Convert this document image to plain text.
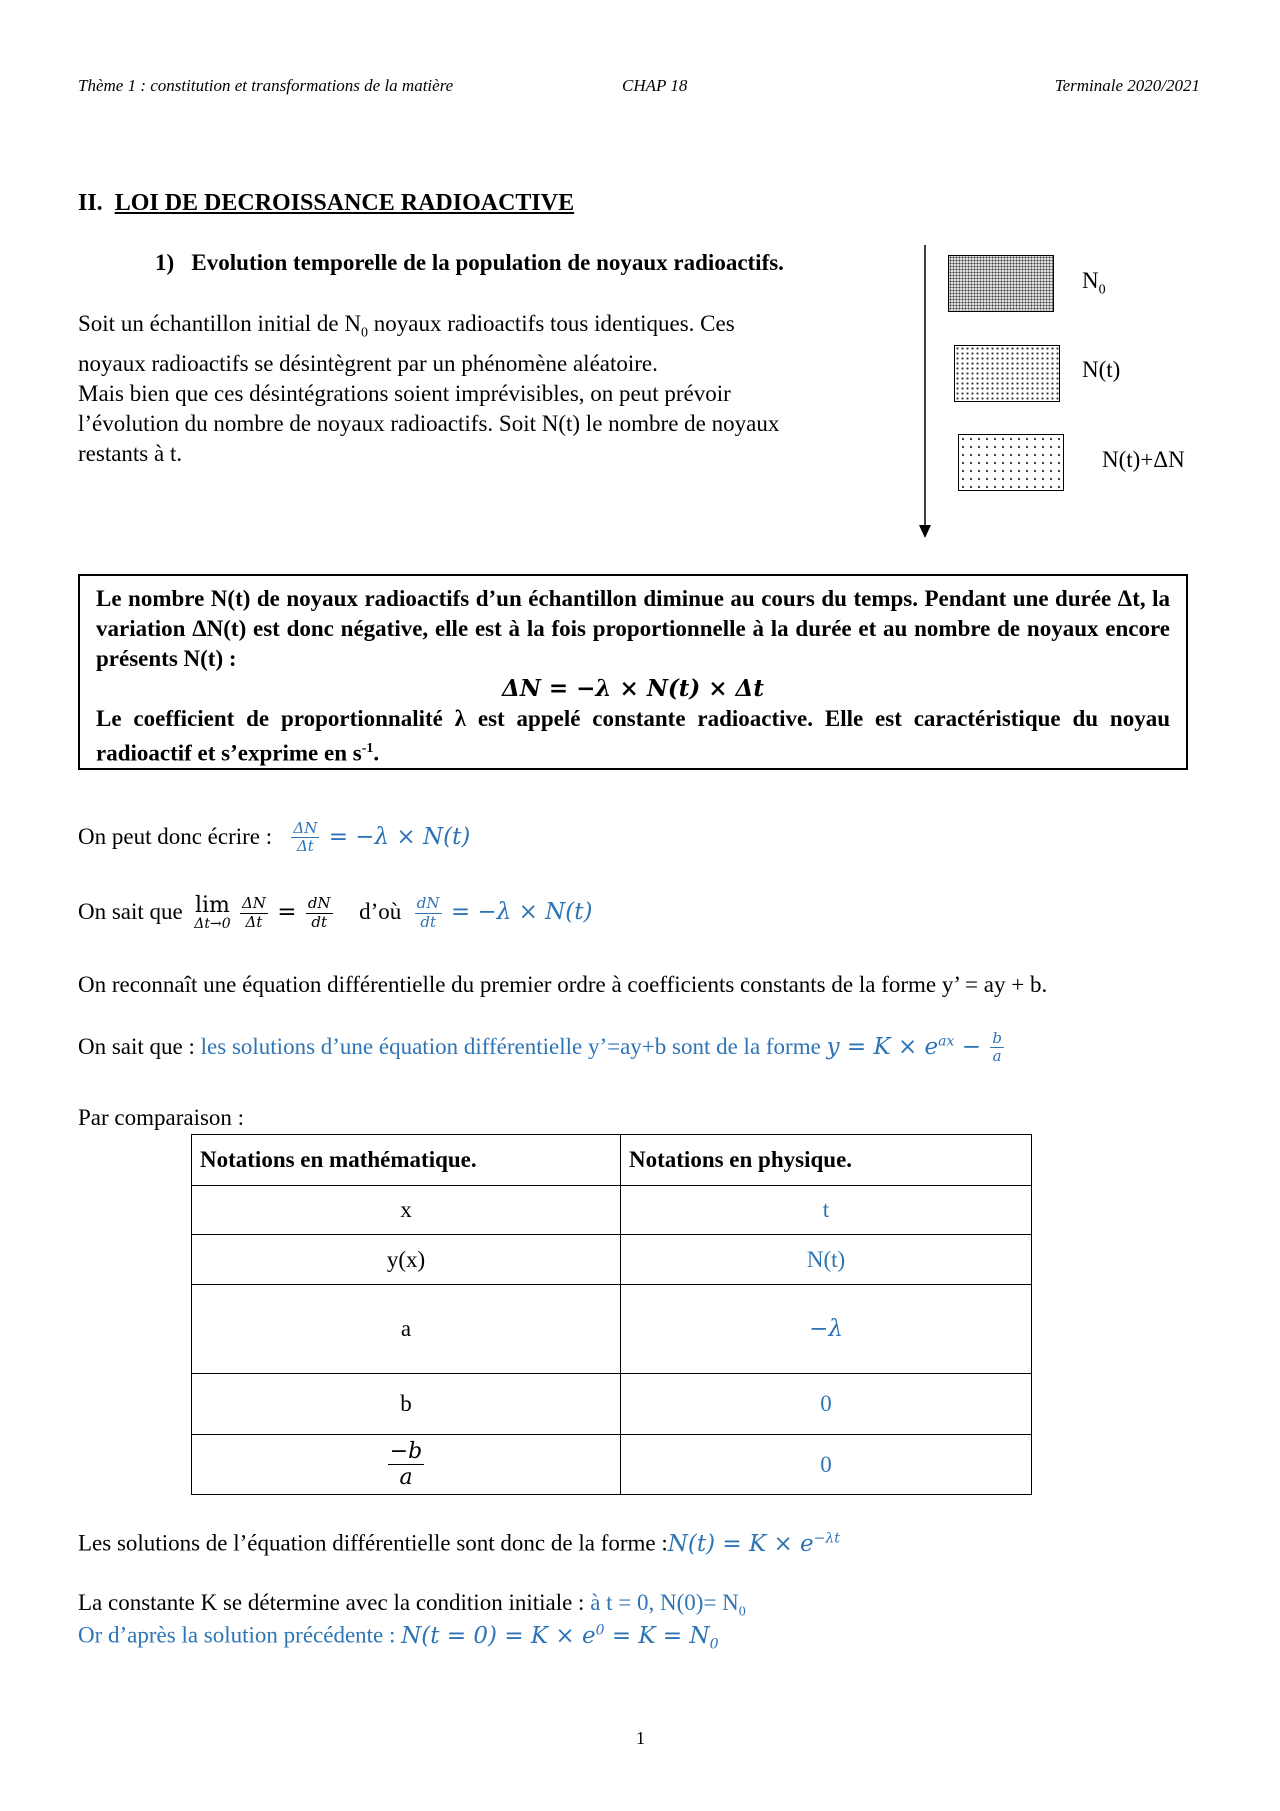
Thème 1 : constitution et transformations de la matière	CHAP 18	Terminale 2020/2021
II. LOI DE DECROISSANCE RADIOACTIVE
1) Evolution temporelle de la population de noyaux radioactifs.
Soit un échantillon initial de $N_0$ noyaux radioactifs tous identiques. Ces
noyaux radioactifs se désintègrent par un phénomène aléatoire.
Mais bien que ces désintégrations soient imprévisibles, on peut prévoir
l’évolution du nombre de noyaux radioactifs. Soit N(t) le nombre de noyaux
restants à t.
$N_0$
N(t)
N(t)+ΔN

Le nombre N(t) de noyaux radioactifs d’un échantillon diminue au cours du temps. Pendant une durée Δt, la variation ΔN(t) est donc négative, elle est à la fois proportionnelle à la durée et au nombre de noyaux encore présents N(t) :

ΔN = −λ × N(t) × Δt

Le coefficient de proportionnalité λ est appelé constante radioactive. Elle est caractéristique du noyau radioactif et s’exprime en $s^{-1}$.

On peut donc écrire : $\frac{\Delta N}{\Delta t} = -\lambda \times N(t)$
On sait que lim
Δt→0
$\frac{\Delta N}{\Delta t} = \frac{dN}{dt}$ d’où $\frac{dN}{dt} = -\lambda \times N(t)$
On reconnaît une équation différentielle du premier ordre à coefficients constants de la forme y’ = ay + b.
On sait que : les solutions d’une équation différentielle y’=ay+b sont de la forme $y = K \times e^{ax} - \frac{b}{a}$
Par comparaison :
Notations en mathématique.	Notations en physique.
x	t
y(x)	N(t)
a	−λ
b	0

$\frac{-b}{a}$	0
Les solutions de l’équation différentielle sont donc de la forme :N(t) = $K \times e^{-\lambda t}$
La constante K se détermine avec la condition initiale : à t = 0, $N(0)= N_0$
Or d’après la solution précédente : $N(t = 0) = K \times e^0 = K = N_0$
1
